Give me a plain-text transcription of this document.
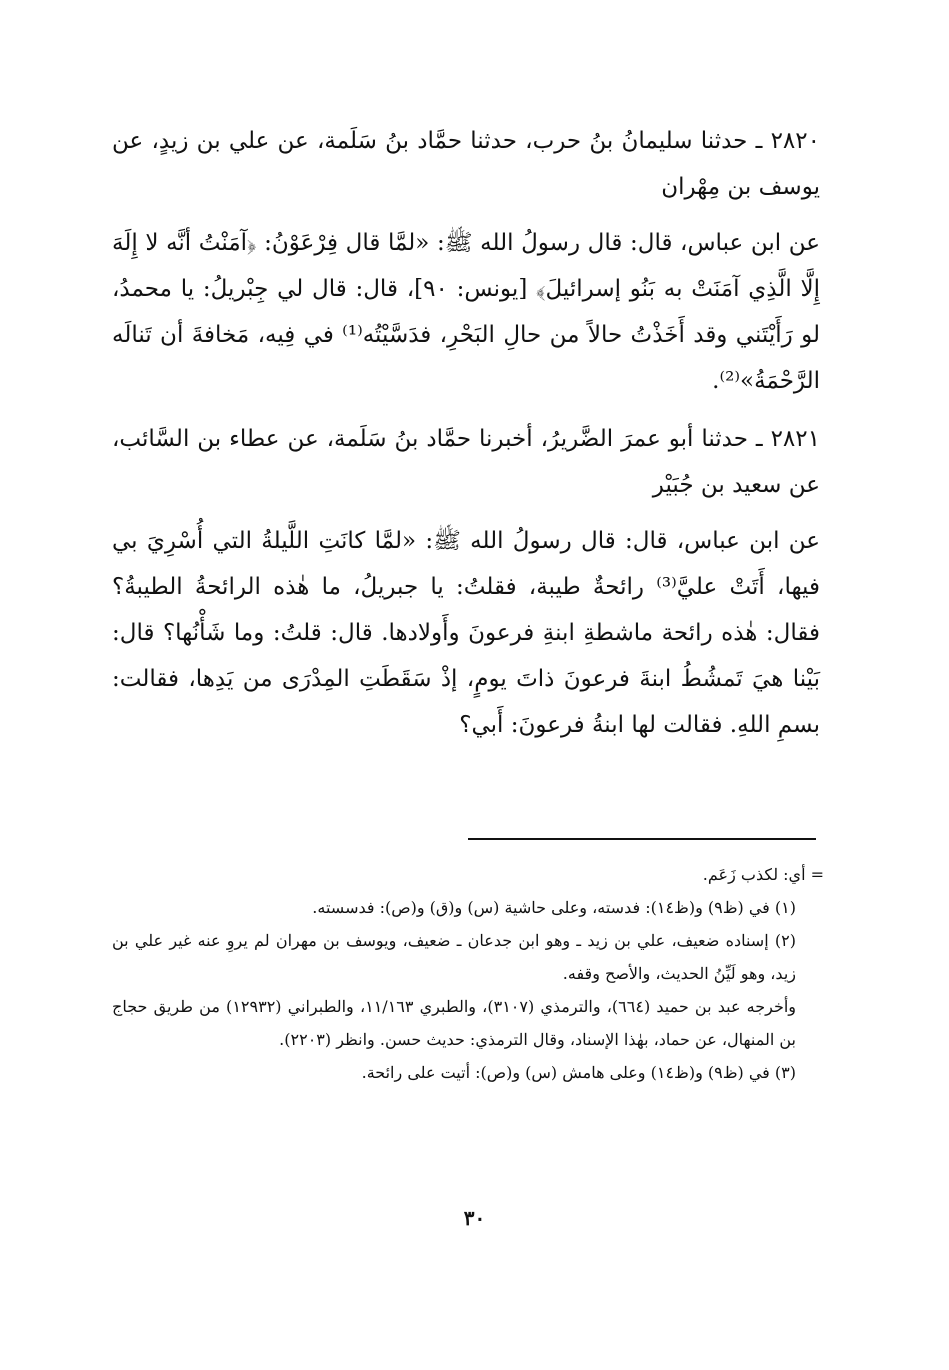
٢٨٢٠ ـ حدثنا سليمانُ بنُ حرب، حدثنا حمَّاد بنُ سَلَمة، عن علي بن زيدٍ، عن يوسف بن مِهْران

عن ابن عباس، قال: قال رسولُ الله ﷺ: «لمَّا قال فِرْعَوْنُ: ﴿آمَنْتُ أنَّه لا إِلَهَ إِلَّا الَّذِي آمَنَتْ به بَنُو إسرائيلَ﴾ [يونس: ٩٠]، قال: قال لي جِبْريلُ: يا محمدُ، لو رَأَيْتَني وقد أَخَذْتُ حالاً من حالِ البَحْرِ، فدَسَّيْتُه⁽¹⁾ في فِيه، مَخافةَ أن تَنالَه الرَّحْمَةُ»⁽²⁾.

٢٨٢١ ـ حدثنا أبو عمرَ الضَّريرُ، أخبرنا حمَّاد بنُ سَلَمة، عن عطاء بن السَّائب، عن سعيد بن جُبَيْر

عن ابن عباس، قال: قال رسولُ الله ﷺ: «لمَّا كانَتِ اللَّيلةُ التي أُسْرِيَ بي فيها، أَتَتْ عليَّ⁽³⁾ رائحةٌ طيبة، فقلتُ: يا جبريلُ، ما هٰذه الرائحةُ الطيبةُ؟ فقال: هٰذه رائحة ماشطةِ ابنةِ فرعونَ وأَولادها. قال: قلتُ: وما شَأْنُها؟ قال: بَيْنا هيَ تَمشُطُ ابنةَ فرعونَ ذاتَ يومٍ، إذْ سَقَطَتِ المِدْرَى من يَدِها، فقالت: بسمِ اللهِ. فقالت لها ابنةُ فرعونَ: أَبي؟

= أي: لكذب زَعَم.

(١) في (ظ٩) و(ظ١٤): فدسته، وعلى حاشية (س) و(ق) و(ص): فدسسته.

(٢) إسناده ضعيف، علي بن زيد ـ وهو ابن جدعان ـ ضعيف، ويوسف بن مهران لم يروِ عنه غير علي بن زيد، وهو لَيِّنُ الحديث، والأصح وقفه.

وأخرجه عبد بن حميد (٦٦٤)، والترمذي (٣١٠٧)، والطبري ١١/١٦٣، والطبراني (١٢٩٣٢) من طريق حجاج بن المنهال، عن حماد، بهٰذا الإسناد، وقال الترمذي: حديث حسن. وانظر (٢٢٠٣).

(٣) في (ظ٩) و(ظ١٤) وعلى هامش (س) و(ص): أتيت على رائحة.

٣٠
